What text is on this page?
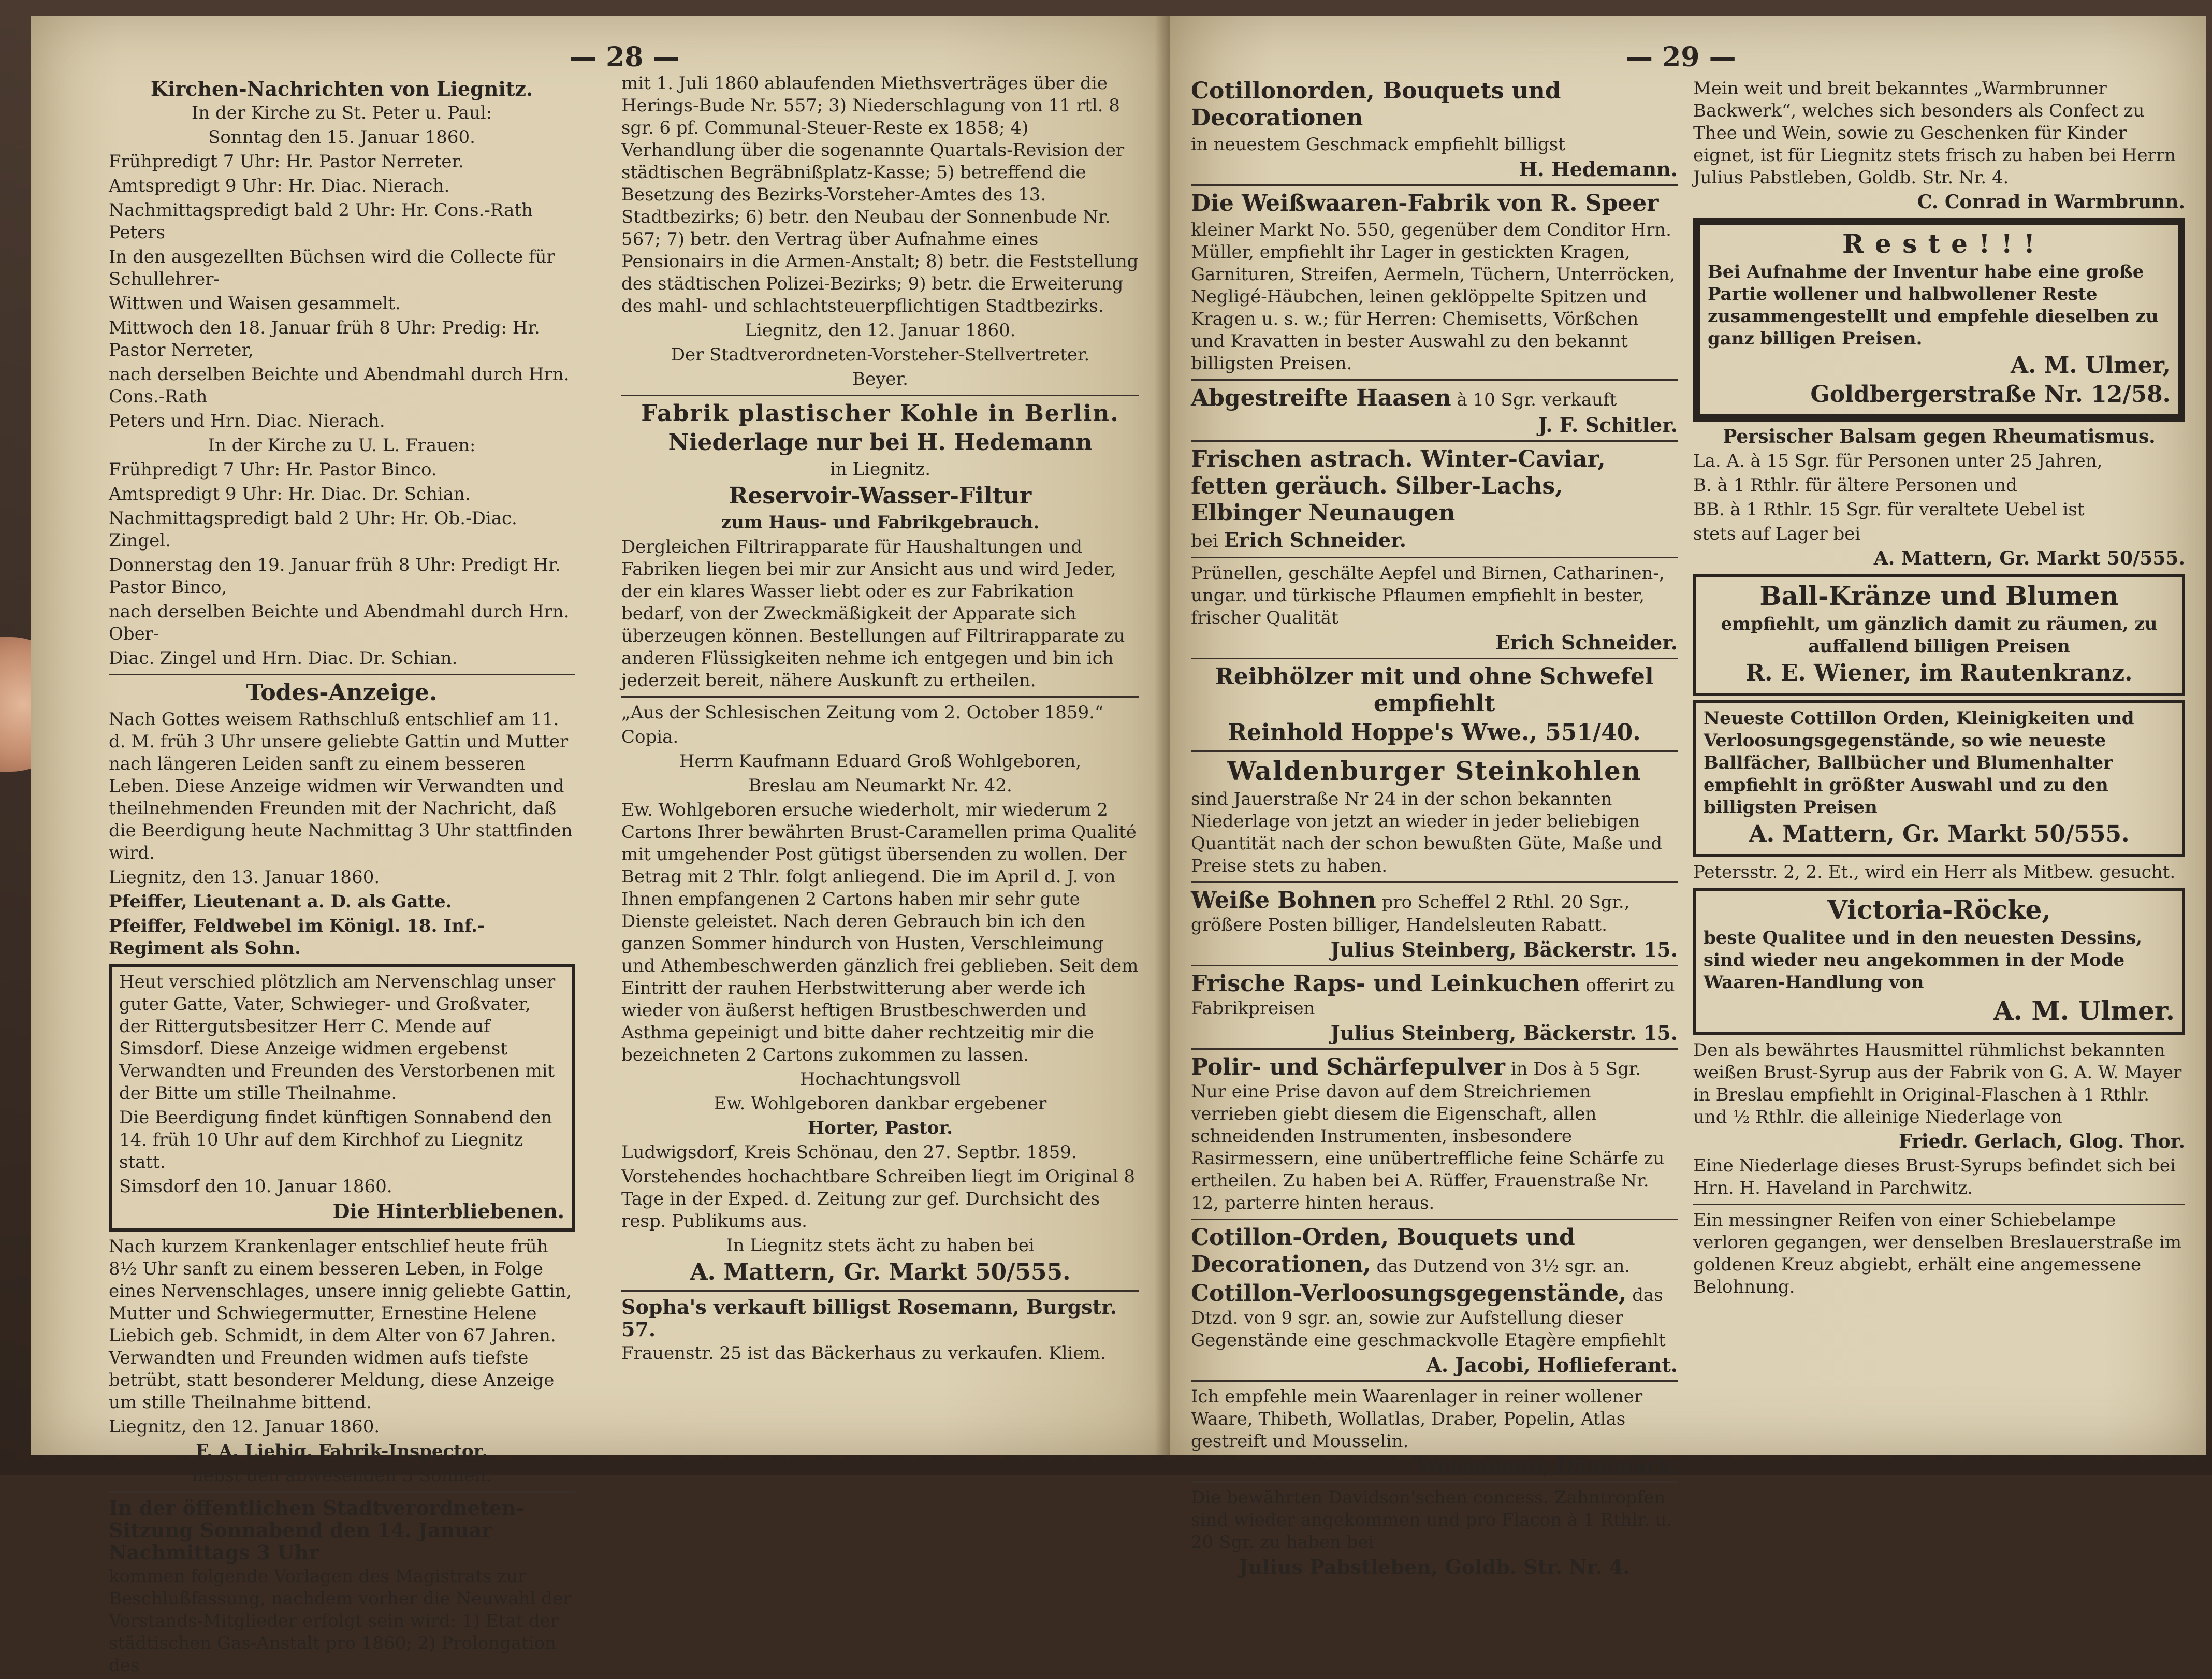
— 28 —

Kirchen-Nachrichten von Liegnitz.

In der Kirche zu St. Peter u. Paul:

Sonntag den 15. Januar 1860.

Frühpredigt 7 Uhr: Hr. Pastor Nerreter.

Amtspredigt 9 Uhr: Hr. Diac. Nierach.

Nachmittagspredigt bald 2 Uhr: Hr. Cons.-Rath Peters

In den ausgezellten Büchsen wird die Collecte für Schullehrer-

Wittwen und Waisen gesammelt.

Mittwoch den 18. Januar früh 8 Uhr: Predig: Hr. Pastor Nerreter,

nach derselben Beichte und Abendmahl durch Hrn. Cons.-Rath

Peters und Hrn. Diac. Nierach.

In der Kirche zu U. L. Frauen:

Frühpredigt 7 Uhr: Hr. Pastor Binco.

Amtspredigt 9 Uhr: Hr. Diac. Dr. Schian.

Nachmittagspredigt bald 2 Uhr: Hr. Ob.-Diac. Zingel.

Donnerstag den 19. Januar früh 8 Uhr: Predigt Hr. Pastor Binco,

nach derselben Beichte und Abendmahl durch Hrn. Ober-

Diac. Zingel und Hrn. Diac. Dr. Schian.

Todes-Anzeige.

Nach Gottes weisem Rathschluß entschlief am 11. d. M. früh 3 Uhr unsere geliebte Gattin und Mutter nach längeren Leiden sanft zu einem besseren Leben. Diese Anzeige widmen wir Verwandten und theilnehmenden Freunden mit der Nachricht, daß die Beerdigung heute Nachmittag 3 Uhr stattfinden wird.

Liegnitz, den 13. Januar 1860.

Pfeiffer, Lieutenant a. D. als Gatte.

Pfeiffer, Feldwebel im Königl. 18. Inf.-Regiment als Sohn.

Heut verschied plötzlich am Nervenschlag unser guter Gatte, Vater, Schwieger- und Großvater, der Rittergutsbesitzer Herr C. Mende auf Simsdorf. Diese Anzeige widmen ergebenst Verwandten und Freunden des Verstorbenen mit der Bitte um stille Theilnahme.

Die Beerdigung findet künftigen Sonnabend den 14. früh 10 Uhr auf dem Kirchhof zu Liegnitz statt.

Simsdorf den 10. Januar 1860.

Die Hinterbliebenen.

Nach kurzem Krankenlager entschlief heute früh 8½ Uhr sanft zu einem besseren Leben, in Folge eines Nervenschlages, unsere innig geliebte Gattin, Mutter und Schwiegermutter, Ernestine Helene Liebich geb. Schmidt, in dem Alter von 67 Jahren. Verwandten und Freunden widmen aufs tiefste betrübt, statt besonderer Meldung, diese Anzeige um stille Theilnahme bittend.

Liegnitz, den 12. Januar 1860.

F. A. Liebig, Fabrik-Inspector,

nebst den abwesenden 3 Söhnen.

In der öffentlichen Stadtverordneten-Sitzung Sonnabend den 14. Januar Nachmittags 3 Uhr

kommen folgende Vorlagen des Magistrats zur Beschlußfassung, nachdem vorher die Neuwahl der Vorstands-Mitglieder erfolgt sein wird: 1) Etat der städtischen Gas-Anstalt pro 1860; 2) Prolongation des

mit 1. Juli 1860 ablaufenden Miethsverträges über die Herings-Bude Nr. 557; 3) Niederschlagung von 11 rtl. 8 sgr. 6 pf. Communal-Steuer-Reste ex 1858; 4) Verhandlung über die sogenannte Quartals-Revision der städtischen Begräbnißplatz-Kasse; 5) betreffend die Besetzung des Bezirks-Vorsteher-Amtes des 13. Stadtbezirks; 6) betr. den Neubau der Sonnenbude Nr. 567; 7) betr. den Vertrag über Aufnahme eines Pensionairs in die Armen-Anstalt; 8) betr. die Feststellung des städtischen Polizei-Bezirks; 9) betr. die Erweiterung des mahl- und schlachtsteuerpflichtigen Stadtbezirks.

Liegnitz, den 12. Januar 1860.

Der Stadtverordneten-Vorsteher-Stellvertreter.

Beyer.

Fabrik plastischer Kohle in Berlin.

Niederlage nur bei H. Hedemann

in Liegnitz.

Reservoir-Wasser-Filtur

zum Haus- und Fabrikgebrauch.

Dergleichen Filtrirapparate für Haushaltungen und Fabriken liegen bei mir zur Ansicht aus und wird Jeder, der ein klares Wasser liebt oder es zur Fabrikation bedarf, von der Zweckmäßigkeit der Apparate sich überzeugen können. Bestellungen auf Filtrirapparate zu anderen Flüssigkeiten nehme ich entgegen und bin ich jederzeit bereit, nähere Auskunft zu ertheilen.

„Aus der Schlesischen Zeitung vom 2. October 1859.“

Copia.

Herrn Kaufmann Eduard Groß Wohlgeboren,

Breslau am Neumarkt Nr. 42.

Ew. Wohlgeboren ersuche wiederholt, mir wiederum 2 Cartons Ihrer bewährten Brust-Caramellen prima Qualité mit umgehender Post gütigst übersenden zu wollen. Der Betrag mit 2 Thlr. folgt anliegend. Die im April d. J. von Ihnen empfangenen 2 Cartons haben mir sehr gute Dienste geleistet. Nach deren Gebrauch bin ich den ganzen Sommer hindurch von Husten, Verschleimung und Athembeschwerden gänzlich frei geblieben. Seit dem Eintritt der rauhen Herbstwitterung aber werde ich wieder von äußerst heftigen Brustbeschwerden und Asthma gepeinigt und bitte daher rechtzeitig mir die bezeichneten 2 Cartons zukommen zu lassen.

Hochachtungsvoll

Ew. Wohlgeboren dankbar ergebener

Horter, Pastor.

Ludwigsdorf, Kreis Schönau, den 27. Septbr. 1859.

Vorstehendes hochachtbare Schreiben liegt im Original 8 Tage in der Exped. d. Zeitung zur gef. Durchsicht des resp. Publikums aus.

In Liegnitz stets ächt zu haben bei

A. Mattern, Gr. Markt 50/555.

Sopha's verkauft billigst Rosemann, Burgstr. 57.

Frauenstr. 25 ist das Bäckerhaus zu verkaufen. Kliem.

— 29 —

Cotillonorden, Bouquets und Decorationen

in neuestem Geschmack empfiehlt billigst

H. Hedemann.

Die Weißwaaren-Fabrik von R. Speer

kleiner Markt No. 550, gegenüber dem Conditor Hrn. Müller, empfiehlt ihr Lager in gestickten Kragen, Garnituren, Streifen, Aermeln, Tüchern, Unterröcken, Negligé-Häubchen, leinen geklöppelte Spitzen und Kragen u. s. w.; für Herren: Chemisetts, Vörßchen und Kravatten in bester Auswahl zu den bekannt billigsten Preisen.

Abgestreifte Haasen à 10 Sgr. verkauft

J. F. Schitler.

Frischen astrach. Winter-Caviar, fetten geräuch. Silber-Lachs, Elbinger Neunaugen

bei Erich Schneider.

Prünellen, geschälte Aepfel und Birnen, Catharinen-, ungar. und türkische Pflaumen empfiehlt in bester, frischer Qualität

Erich Schneider.

Reibhölzer mit und ohne Schwefel empfiehlt

Reinhold Hoppe's Wwe., 551/40.

Waldenburger Steinkohlen

sind Jauerstraße Nr 24 in der schon bekannten Niederlage von jetzt an wieder in jeder beliebigen Quantität nach der schon bewußten Güte, Maße und Preise stets zu haben.

Weiße Bohnen pro Scheffel 2 Rthl. 20 Sgr., größere Posten billiger, Handelsleuten Rabatt.

Julius Steinberg, Bäckerstr. 15.

Frische Raps- und Leinkuchen offerirt zu Fabrikpreisen

Julius Steinberg, Bäckerstr. 15.

Polir- und Schärfepulver in Dos à 5 Sgr. Nur eine Prise davon auf dem Streichriemen verrieben giebt diesem die Eigenschaft, allen schneidenden Instrumenten, insbesondere Rasirmessern, eine unübertreffliche feine Schärfe zu ertheilen. Zu haben bei A. Rüffer, Frauenstraße Nr. 12, parterre hinten heraus.

Cotillon-Orden, Bouquets und Decorationen, das Dutzend von 3½ sgr. an.

Cotillon-Verloosungsgegenstände, das Dtzd. von 9 sgr. an, sowie zur Aufstellung dieser Gegenstände eine geschmackvolle Etagère empfiehlt

A. Jacobi, Hoflieferant.

Ich empfehle mein Waarenlager in reiner wollener Waare, Thibeth, Wollatlas, Draber, Popelin, Atlas gestreift und Mousselin.

Weisemann, Dänemark.

Die bewährten Davidson'schen concess. Zahntropfen sind wieder angekommen und pro Flacon à 1 Rthlr. u. 20 Sgr. zu haben bei

Julius Pabstleben, Goldb. Str. Nr. 4.

Mein weit und breit bekanntes „Warmbrunner Backwerk“, welches sich besonders als Confect zu Thee und Wein, sowie zu Geschenken für Kinder eignet, ist für Liegnitz stets frisch zu haben bei Herrn Julius Pabstleben, Goldb. Str. Nr. 4.

C. Conrad in Warmbrunn.

R e s t e ! ! !

Bei Aufnahme der Inventur habe eine große Partie wollener und halbwollener Reste zusammengestellt und empfehle dieselben zu ganz billigen Preisen.

A. M. Ulmer,

Goldbergerstraße Nr. 12/58.

Persischer Balsam gegen Rheumatismus.

La. A. à 15 Sgr. für Personen unter 25 Jahren,

B. à 1 Rthlr. für ältere Personen und

BB. à 1 Rthlr. 15 Sgr. für veraltete Uebel ist

stets auf Lager bei

A. Mattern, Gr. Markt 50/555.

Ball-Kränze und Blumen

empfiehlt, um gänzlich damit zu räumen, zu auffallend billigen Preisen

R. E. Wiener, im Rautenkranz.

Neueste Cottillon Orden, Kleinigkeiten und Verloosungsgegenstände, so wie neueste Ballfächer, Ballbücher und Blumenhalter empfiehlt in größter Auswahl und zu den billigsten Preisen

A. Mattern, Gr. Markt 50/555.

Petersstr. 2, 2. Et., wird ein Herr als Mitbew. gesucht.

Victoria-Röcke,

beste Qualitee und in den neuesten Dessins, sind wieder neu angekommen in der Mode Waaren-Handlung von

A. M. Ulmer.

Den als bewährtes Hausmittel rühmlichst bekannten weißen Brust-Syrup aus der Fabrik von G. A. W. Mayer in Breslau empfiehlt in Original-Flaschen à 1 Rthlr. und ½ Rthlr. die alleinige Niederlage von

Friedr. Gerlach, Glog. Thor.

Eine Niederlage dieses Brust-Syrups befindet sich bei Hrn. H. Haveland in Parchwitz.

Ein messingner Reifen von einer Schiebelampe verloren gegangen, wer denselben Breslauerstraße im goldenen Kreuz abgiebt, erhält eine angemessene Belohnung.
